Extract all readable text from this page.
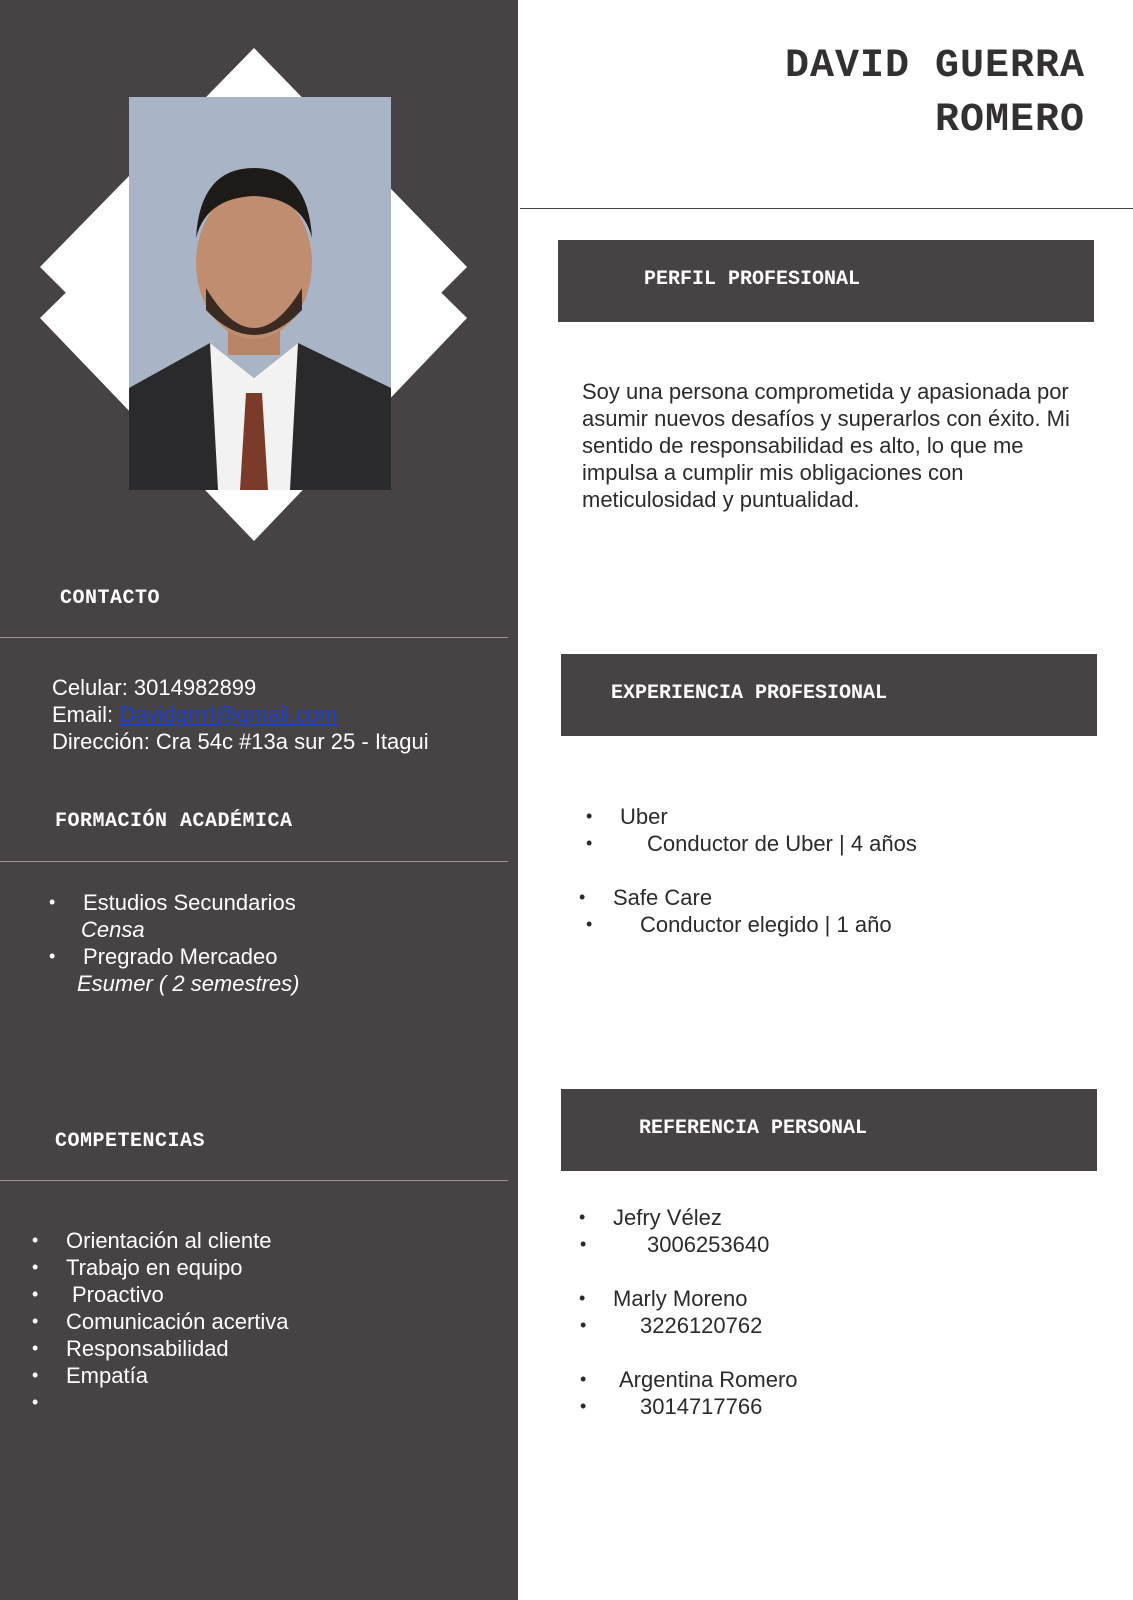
CONTACTO
Celular: 3014982899
Email: Davidgrrrl@gmail.com
Dirección: Cra 54c #13a sur 25 - Itagui
FORMACIÓN ACADÉMICA
• Estudios Secundarios
Censa
• Pregrado Mercadeo
Esumer ( 2 semestres)
COMPETENCIAS
• Orientación al cliente
• Trabajo en equipo
• Proactivo
• Comunicación acertiva
• Responsabilidad
• Empatía
•
DAVID GUERRA
ROMERO
PERFIL PROFESIONAL
Soy una persona comprometida y apasionada por asumir nuevos desafíos y superarlos con éxito. Mi sentido de responsabilidad es alto, lo que me impulsa a cumplir mis obligaciones con meticulosidad y puntualidad.
EXPERIENCIA PROFESIONAL
• Uber
• Conductor de Uber | 4 años
• Safe Care
• Conductor elegido | 1 año
REFERENCIA PERSONAL
• Jefry Vélez
• 3006253640
• Marly Moreno
• 3226120762
• Argentina Romero
• 3014717766
